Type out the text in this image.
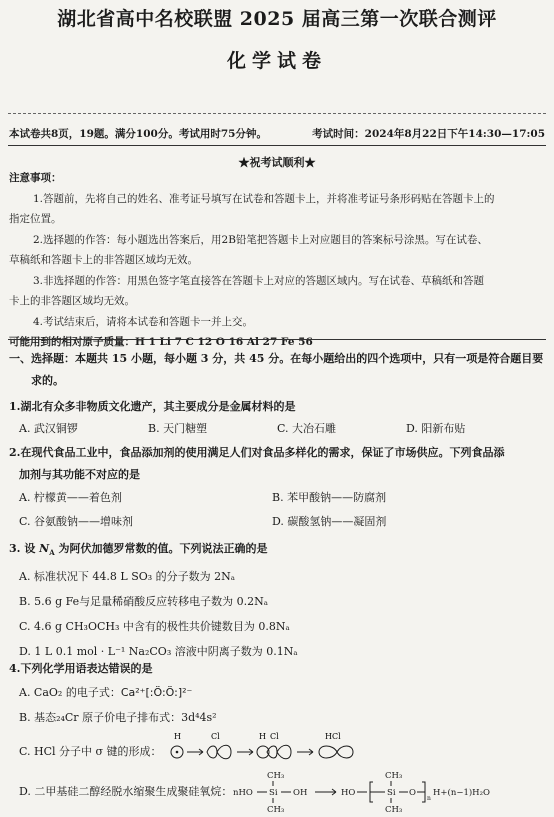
湖北省高中名校联盟 2025 届高三第一次联合测评
化学试卷
本试卷共8页，19题。满分100分。考试用时75分钟。	考试时间：2024年8月22日下午14:30—17:05
★祝考试顺利★

注意事项：

1.答题前，先将自己的姓名、准考证号填写在试卷和答题卡上，并将准考证号条形码贴在答题卡上的

指定位置。

2.选择题的作答：每小题选出答案后，用2B铅笔把答题卡上对应题目的答案标号涂黑。写在试卷、

草稿纸和答题卡上的非答题区域均无效。

3.非选择题的作答：用黑色签字笔直接答在答题卡上对应的答题区域内。写在试卷、草稿纸和答题

卡上的非答题区域均无效。

4.考试结束后，请将本试卷和答题卡一并上交。

可能用到的相对原子质量：H 1 Li 7 C 12 O 16 Al 27 Fe 56

一、选择题：本题共 15 小题，每小题 3 分，共 45 分。在每小题给出的四个选项中，只有一项是符合题目要
求的。
1.湖北有众多非物质文化遗产，其主要成分是金属材料的是
A. 武汉铜锣	B. 天门糖塑	C. 大冶石雕	D. 阳新布贴
2.在现代食品工业中，食品添加剂的使用满足人们对食品多样化的需求，保证了市场供应。下列食品添
加剂与其功能不对应的是
A. 柠檬黄——着色剂	B. 苯甲酸钠——防腐剂
C. 谷氨酸钠——增味剂	D. 碳酸氢钠——凝固剂
3. 设 $N_A$ 为阿伏加德罗常数的值。下列说法正确的是
A. 标准状况下 44.8 L SO₃ 的分子数为 2Nₐ
B. 5.6 g Fe与足量稀硝酸反应转移电子数为 0.2Nₐ
C. 4.6 g CH₃OCH₃ 中含有的极性共价键数目为 0.8Nₐ
D. 1 L 0.1 mol · L⁻¹ Na₂CO₃ 溶液中阴离子数为 0.1Nₐ
4.下列化学用语表达错误的是
A. CaO₂ 的电子式：Ca²⁺[:Ö:Ö:]²⁻
B. 基态₂₄Cr 原子价电子排布式：3d⁴4s²
C. HCl 分子中 σ 键的形成：
H	Cl	H Cl	HCl
D. 二甲基硅二醇经脱水缩聚生成聚硅氧烷： nHO
CH₃
Si
CH₃
OH	HO
CH₃
Si
CH₃
O
n
H+(n−1)H₂O
